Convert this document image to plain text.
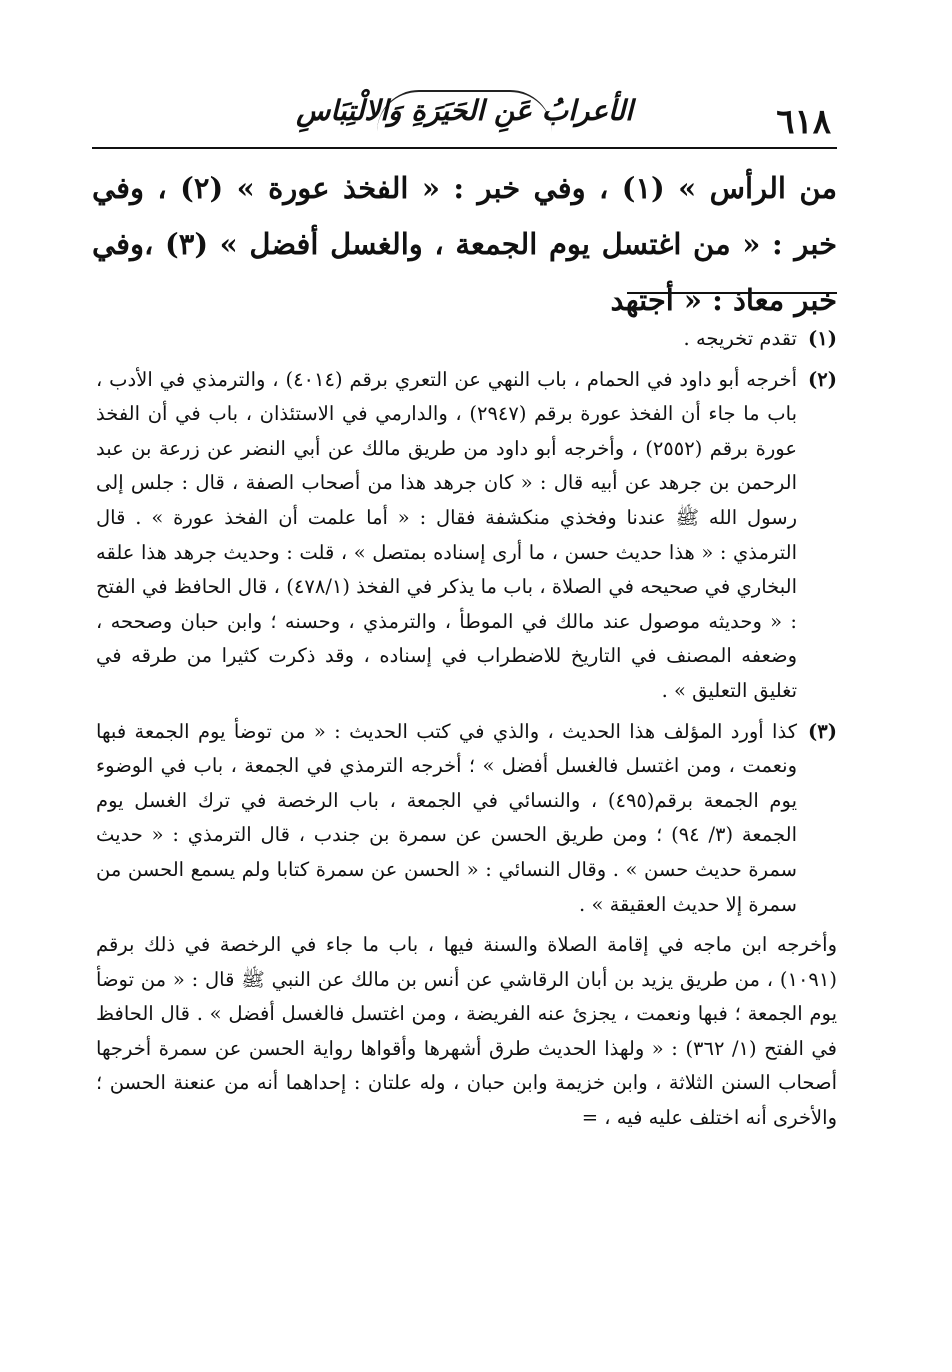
٦١٨
الأعرابُ عَنِ الحَيَرَةِ وَالالْتِبَاسِ

من الرأس » (١) ، وفي خبر : « الفخذ عورة » (٢) ، وفي خبر : « من اغتسل يوم الجمعة ، والغسل أفضل » (٣) ،وفي خبر معاذ : « أجتهد

(١)

تقدم تخريجه .

(٢)

أخرجه أبو داود في الحمام ، باب النهي عن التعري برقم (٤٠١٤) ، والترمذي في الأدب ، باب ما جاء أن الفخذ عورة برقم (٢٩٤٧) ، والدارمي في الاستئذان ، باب في أن الفخذ عورة برقم (٢٥٥٢) ، وأخرجه أبو داود من طريق مالك عن أبي النضر عن زرعة بن عبد الرحمن بن جرهد عن أبيه قال : « كان جرهد هذا من أصحاب الصفة ، قال : جلس إلى رسول الله ﷺ عندنا وفخذي منكشفة فقال : « أما علمت أن الفخذ عورة » . قال الترمذي : « هذا حديث حسن ، ما أرى إسناده بمتصل » ، قلت : وحديث جرهد هذا علقه البخاري في صحيحه في الصلاة ، باب ما يذكر في الفخذ (٤٧٨/١) ، قال الحافظ في الفتح : « وحديثه موصول عند مالك في الموطأ ، والترمذي ، وحسنه ؛ وابن حبان وصححه ، وضعفه المصنف في التاريخ للاضطراب في إسناده ، وقد ذكرت كثيرا من طرقه في تغليق التعليق » .

(٣)

كذا أورد المؤلف هذا الحديث ، والذي في كتب الحديث : « من توضأ يوم الجمعة فبها ونعمت ، ومن اغتسل فالغسل أفضل » ؛ أخرجه الترمذي في الجمعة ، باب في الوضوء يوم الجمعة برقم(٤٩٥) ، والنسائي في الجمعة ، باب الرخصة في ترك الغسل يوم الجمعة (٣/ ٩٤) ؛ ومن طريق الحسن عن سمرة بن جندب ، قال الترمذي : « حديث سمرة حديث حسن » . وقال النسائي : « الحسن عن سمرة كتابا ولم يسمع الحسن من سمرة إلا حديث العقيقة » .

وأخرجه ابن ماجه في إقامة الصلاة والسنة فيها ، باب ما جاء في الرخصة في ذلك برقم (١٠٩١) ، من طريق يزيد بن أبان الرقاشي عن أنس بن مالك عن النبي ﷺ قال : « من توضأ يوم الجمعة ؛ فبها ونعمت ، يجزئ عنه الفريضة ، ومن اغتسل فالغسل أفضل » . قال الحافظ في الفتح (١/ ٣٦٢) : « ولهذا الحديث طرق أشهرها وأقواها رواية الحسن عن سمرة أخرجها أصحاب السنن الثلاثة ، وابن خزيمة وابن حبان ، وله علتان : إحداهما أنه من عنعنة الحسن ؛ والأخرى أنه اختلف عليه فيه ، =
